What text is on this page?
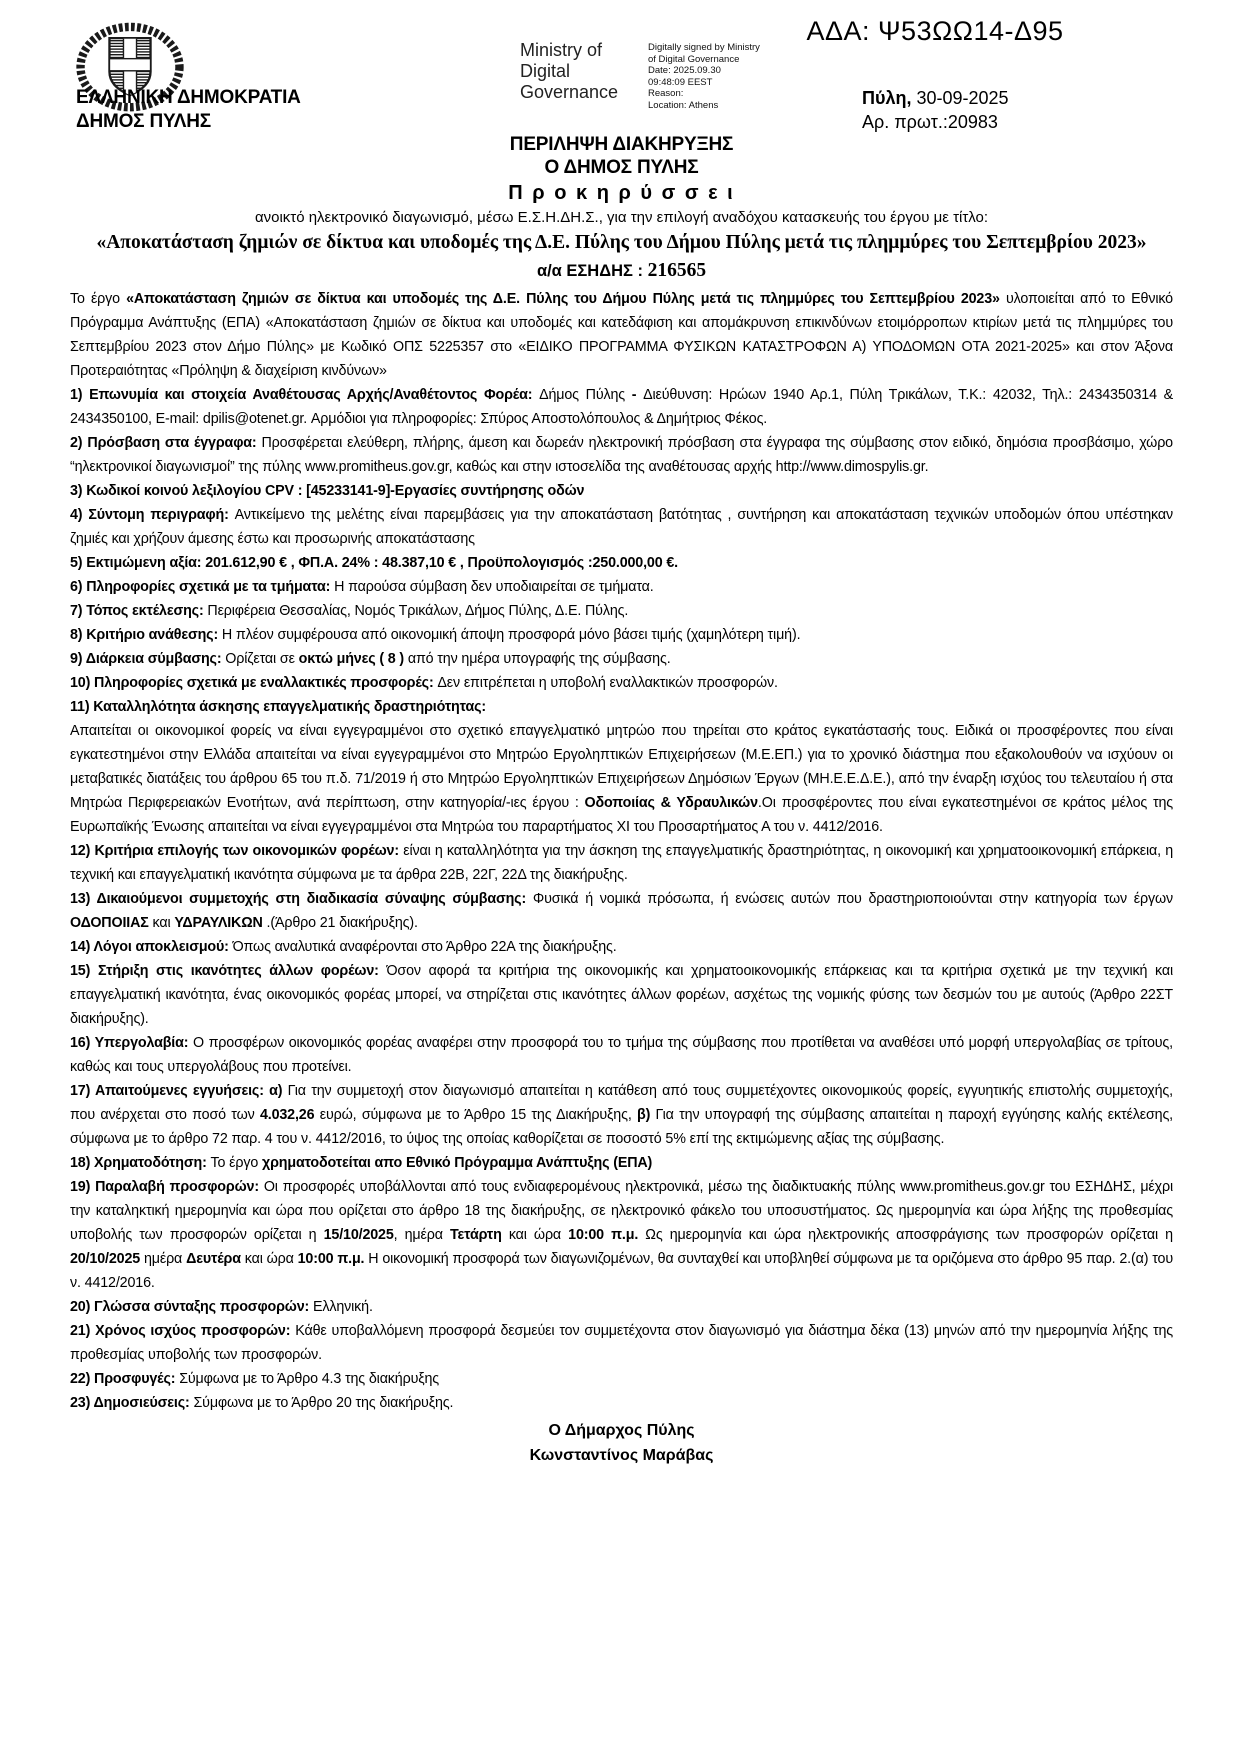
ΕΛΛΗΝΙΚΗ ΔΗΜΟΚΡΑΤΙΑ
ΔΗΜΟΣ ΠΥΛΗΣ
ΑΔΑ: Ψ53ΩΩ14-Δ95
Ministry of Digital Governance
Digitally signed by Ministry
of Digital Governance
Date: 2025.09.30
09:48:09 EEST
Reason:
Location: Athens	Πύλη, 30-09-2025
Αρ. πρωτ.:20983
ΠΕΡΙΛΗΨΗ ΔΙΑΚΗΡΥΞΗΣ
Ο ΔΗΜΟΣ ΠΥΛΗΣ
Π ρ ο κ η ρ ύ σ σ ε ι
ανοικτό ηλεκτρονικό διαγωνισμό, μέσω Ε.Σ.Η.ΔΗ.Σ., για την επιλογή αναδόχου κατασκευής του έργου με τίτλο:
«Αποκατάσταση ζημιών σε δίκτυα και υποδομές της Δ.Ε. Πύλης του Δήμου Πύλης μετά τις πλημμύρες του Σεπτεμβρίου 2023» α/α ΕΣΗΔΗΣ : 216565

Το έργο «Αποκατάσταση ζημιών σε δίκτυα και υποδομές της Δ.Ε. Πύλης του Δήμου Πύλης μετά τις πλημμύρες του Σεπτεμβρίου 2023» υλοποιείται από το Εθνικό Πρόγραμμα Ανάπτυξης (ΕΠΑ) «Αποκατάσταση ζημιών σε δίκτυα και υποδομές και κατεδάφιση και απομάκρυνση επικινδύνων ετοιμόρροπων κτιρίων μετά τις πλημμύρες του Σεπτεμβρίου 2023 στον Δήμο Πύλης» με Κωδικό ΟΠΣ 5225357 στο «ΕΙΔΙΚΟ ΠΡΟΓΡΑΜΜΑ ΦΥΣΙΚΩΝ ΚΑΤΑΣΤΡΟΦΩΝ Α) ΥΠΟΔΟΜΩΝ ΟΤΑ 2021-2025» και στον Άξονα Προτεραιότητας «Πρόληψη & διαχείριση κινδύνων»

1) Επωνυμία και στοιχεία Αναθέτουσας Αρχής/Αναθέτοντος Φορέα: Δήμος Πύλης - Διεύθυνση: Ηρώων 1940 Αρ.1, Πύλη Τρικάλων, Τ.Κ.: 42032, Τηλ.: 2434350314 & 2434350100, E-mail: dpilis@otenet.gr. Αρμόδιοι για πληροφορίες: Σπύρος Αποστολόπουλος & Δημήτριος Φέκος.

2) Πρόσβαση στα έγγραφα: Προσφέρεται ελεύθερη, πλήρης, άμεση και δωρεάν ηλεκτρονική πρόσβαση στα έγγραφα της σύμβασης στον ειδικό, δημόσια προσβάσιμο, χώρο “ηλεκτρονικοί διαγωνισμοί” της πύλης www.promitheus.gov.gr, καθώς και στην ιστοσελίδα της αναθέτουσας αρχής http://www.dimospylis.gr.

3) Κωδικοί κοινού λεξιλογίου CPV : [45233141-9]-Εργασίες συντήρησης οδών

4) Σύντομη περιγραφή: Αντικείμενο της μελέτης είναι παρεμβάσεις για την αποκατάσταση βατότητας , συντήρηση και αποκατάσταση τεχνικών υποδομών όπου υπέστηκαν ζημιές και χρήζουν άμεσης έστω και προσωρινής αποκατάστασης

5) Εκτιμώμενη αξία: 201.612,90 € , ΦΠ.Α. 24% : 48.387,10 € , Προϋπολογισμός :250.000,00 €.

6) Πληροφορίες σχετικά με τα τμήματα: Η παρούσα σύμβαση δεν υποδιαιρείται σε τμήματα.

7) Τόπος εκτέλεσης: Περιφέρεια Θεσσαλίας, Νομός Τρικάλων, Δήμος Πύλης, Δ.Ε. Πύλης.

8) Κριτήριο ανάθεσης: Η πλέον συμφέρουσα από οικονομική άποψη προσφορά μόνο βάσει τιμής (χαμηλότερη τιμή).

9) Διάρκεια σύμβασης: Ορίζεται σε οκτώ μήνες ( 8 ) από την ημέρα υπογραφής της σύμβασης.

10) Πληροφορίες σχετικά με εναλλακτικές προσφορές: Δεν επιτρέπεται η υποβολή εναλλακτικών προσφορών.

11) Καταλληλότητα άσκησης επαγγελματικής δραστηριότητας:

Απαιτείται οι οικονομικοί φορείς να είναι εγγεγραμμένοι στο σχετικό επαγγελματικό μητρώο που τηρείται στο κράτος εγκατάστασής τους. Ειδικά οι προσφέροντες που είναι εγκατεστημένοι στην Ελλάδα απαιτείται να είναι εγγεγραμμένοι στο Μητρώο Εργοληπτικών Επιχειρήσεων (Μ.Ε.ΕΠ.) για το χρονικό διάστημα που εξακολουθούν να ισχύουν οι μεταβατικές διατάξεις του άρθρου 65 του π.δ. 71/2019 ή στο Μητρώο Εργοληπτικών Επιχειρήσεων Δημόσιων Έργων (ΜΗ.Ε.Ε.Δ.Ε.), από την έναρξη ισχύος του τελευταίου ή στα Μητρώα Περιφερειακών Ενοτήτων, ανά περίπτωση, στην κατηγορία/-ιες έργου : Οδοποιίας & Υδραυλικών.Οι προσφέροντες που είναι εγκατεστημένοι σε κράτος μέλος της Ευρωπαϊκής Ένωσης απαιτείται να είναι εγγεγραμμένοι στα Μητρώα του παραρτήματος ΧΙ του Προσαρτήματος Α του ν. 4412/2016.

12) Κριτήρια επιλογής των οικονομικών φορέων: είναι η καταλληλότητα για την άσκηση της επαγγελματικής δραστηριότητας, η οικονομική και χρηματοοικονομική επάρκεια, η τεχνική και επαγγελματική ικανότητα σύμφωνα με τα άρθρα 22Β, 22Γ, 22Δ της διακήρυξης.

13) Δικαιούμενοι συμμετοχής στη διαδικασία σύναψης σύμβασης: Φυσικά ή νομικά πρόσωπα, ή ενώσεις αυτών που δραστηριοποιούνται στην κατηγορία των έργων ΟΔΟΠΟΙΙΑΣ και ΥΔΡΑΥΛΙΚΩΝ .(Άρθρο 21 διακήρυξης).

14) Λόγοι αποκλεισμού: Όπως αναλυτικά αναφέρονται στο Άρθρο 22Α της διακήρυξης.

15) Στήριξη στις ικανότητες άλλων φορέων: Όσον αφορά τα κριτήρια της οικονομικής και χρηματοοικονομικής επάρκειας και τα κριτήρια σχετικά με την τεχνική και επαγγελματική ικανότητα, ένας οικονομικός φορέας μπορεί, να στηρίζεται στις ικανότητες άλλων φορέων, ασχέτως της νομικής φύσης των δεσμών του με αυτούς (Άρθρο 22ΣΤ διακήρυξης).

16) Υπεργολαβία: Ο προσφέρων οικονομικός φορέας αναφέρει στην προσφορά του το τμήμα της σύμβασης που προτίθεται να αναθέσει υπό μορφή υπεργολαβίας σε τρίτους, καθώς και τους υπεργολάβους που προτείνει.

17) Απαιτούμενες εγγυήσεις: α) Για την συμμετοχή στον διαγωνισμό απαιτείται η κατάθεση από τους συμμετέχοντες οικονομικούς φορείς, εγγυητικής επιστολής συμμετοχής, που ανέρχεται στο ποσό των 4.032,26 ευρώ, σύμφωνα με το Άρθρο 15 της Διακήρυξης, β) Για την υπογραφή της σύμβασης απαιτείται η παροχή εγγύησης καλής εκτέλεσης, σύμφωνα με το άρθρο 72 παρ. 4 του ν. 4412/2016, το ύψος της οποίας καθορίζεται σε ποσοστό 5% επί της εκτιμώμενης αξίας της σύμβασης.

18) Χρηματοδότηση: Το έργο χρηματοδοτείται απο Εθνικό Πρόγραμμα Ανάπτυξης (ΕΠΑ)

19) Παραλαβή προσφορών: Οι προσφορές υποβάλλονται από τους ενδιαφερομένους ηλεκτρονικά, μέσω της διαδικτυακής πύλης www.promitheus.gov.gr του ΕΣΗΔΗΣ, μέχρι την καταληκτική ημερομηνία και ώρα που ορίζεται στο άρθρο 18 της διακήρυξης, σε ηλεκτρονικό φάκελο του υποσυστήματος. Ως ημερομηνία και ώρα λήξης της προθεσμίας υποβολής των προσφορών ορίζεται η 15/10/2025, ημέρα Τετάρτη και ώρα 10:00 π.μ. Ως ημερομηνία και ώρα ηλεκτρονικής αποσφράγισης των προσφορών ορίζεται η 20/10/2025 ημέρα Δευτέρα και ώρα 10:00 π.μ. Η οικονομική προσφορά των διαγωνιζομένων, θα συνταχθεί και υποβληθεί σύμφωνα με τα οριζόμενα στο άρθρο 95 παρ. 2.(α) του ν. 4412/2016.

20) Γλώσσα σύνταξης προσφορών: Ελληνική.

21) Χρόνος ισχύος προσφορών: Κάθε υποβαλλόμενη προσφορά δεσμεύει τον συμμετέχοντα στον διαγωνισμό για διάστημα δέκα (13) μηνών από την ημερομηνία λήξης της προθεσμίας υποβολής των προσφορών.

22) Προσφυγές: Σύμφωνα με το Άρθρο 4.3 της διακήρυξης

23) Δημοσιεύσεις: Σύμφωνα με το Άρθρο 20 της διακήρυξης.

Ο Δήμαρχος Πύλης
Κωνσταντίνος Μαράβας
